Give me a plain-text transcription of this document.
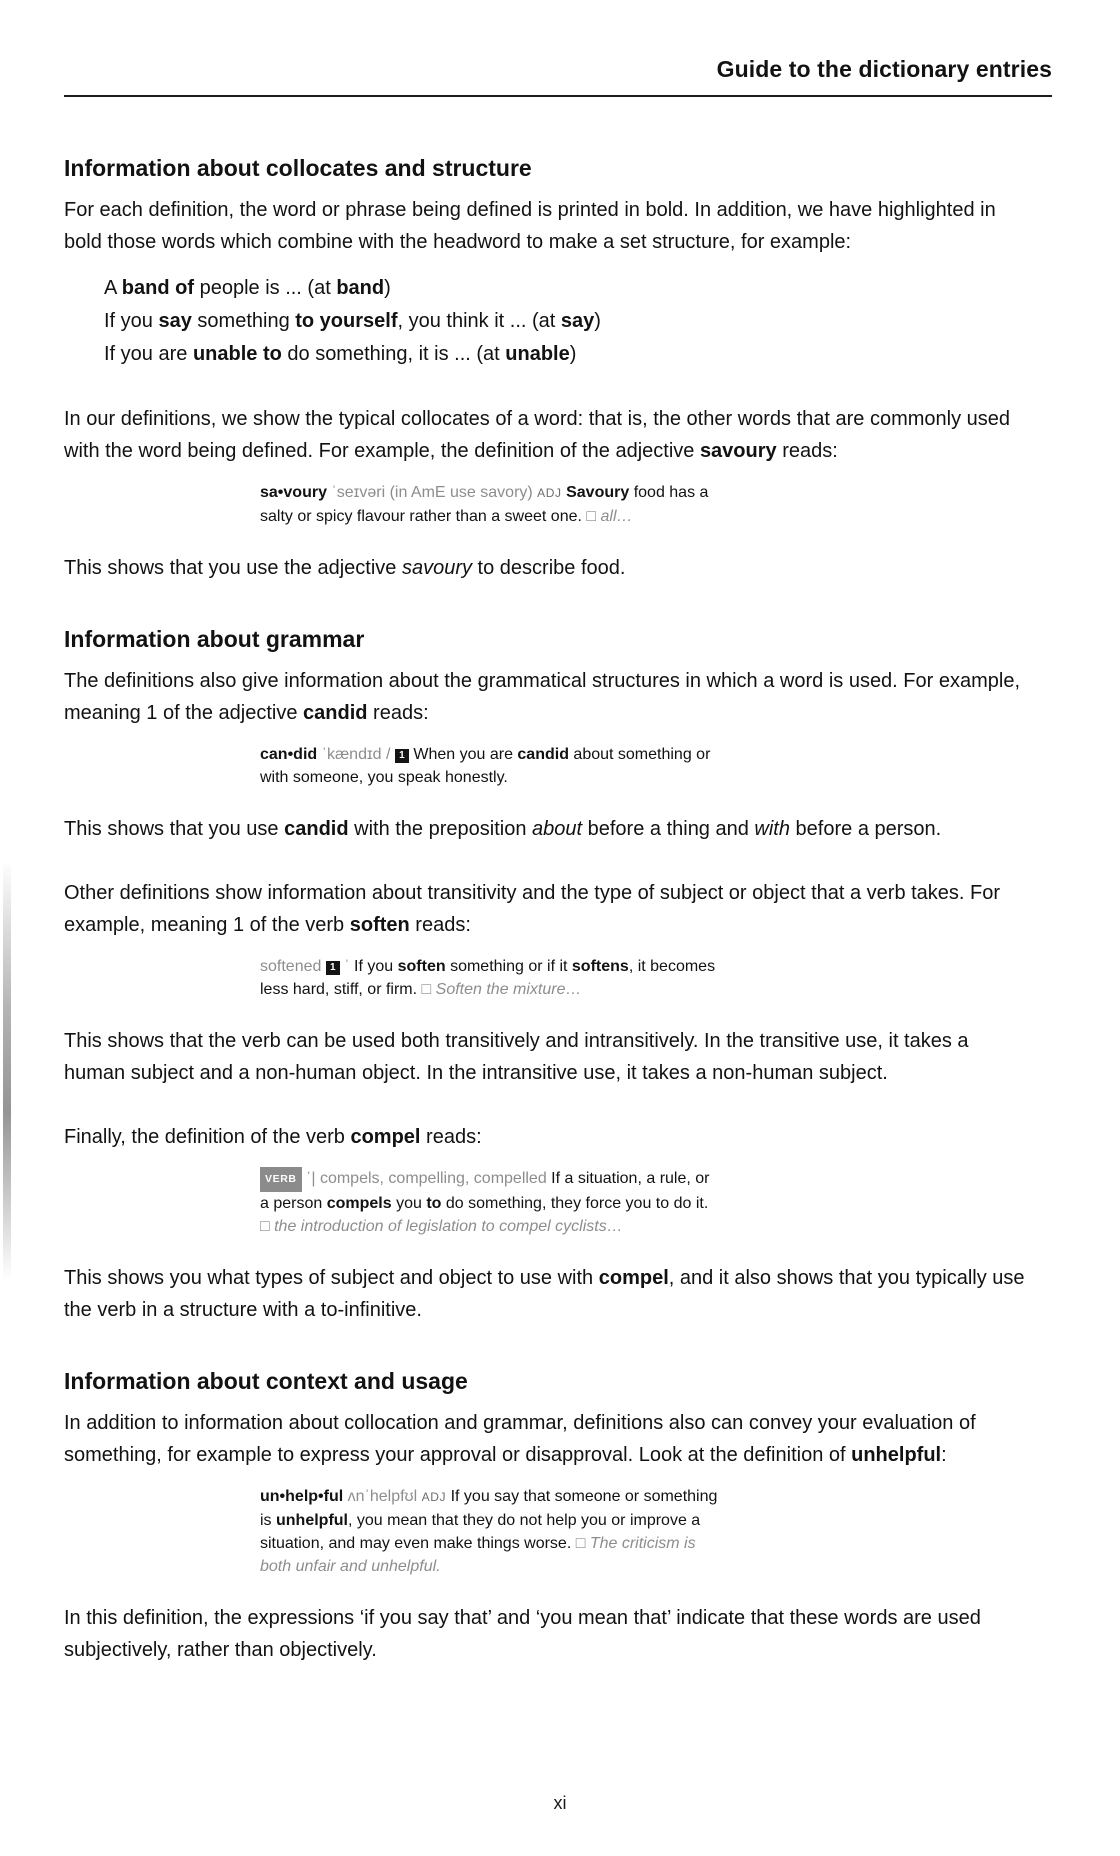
Guide to the dictionary entries
Information about collocates and structure

For each definition, the word or phrase being defined is printed in bold. In addition, we have highlighted in bold those words which combine with the headword to make a set structure, for example:

A band of people is ... (at band)

If you say something to yourself, you think it ... (at say)

If you are unable to do something, it is ... (at unable)

In our definitions, we show the typical collocates of a word: that is, the other words that are commonly used with the word being defined. For example, the definition of the adjective savoury reads:

sa•voury ˈseɪvəri (in AmE use savory) ADJ Savoury food has a salty or spicy flavour rather than a sweet one. □ all…

This shows that you use the adjective savoury to describe food.

Information about grammar

The definitions also give information about the grammatical structures in which a word is used. For example, meaning 1 of the adjective candid reads:

can•did ˈkændɪd / 1 When you are candid about something or with someone, you speak honestly.

This shows that you use candid with the preposition about before a thing and with before a person.

Other definitions show information about transitivity and the type of subject or object that a verb takes. For example, meaning 1 of the verb soften reads:

softened 1 ˈ If you soften something or if it softens, it becomes less hard, stiff, or firm. □ Soften the mixture…

This shows that the verb can be used both transitively and intransitively. In the transitive use, it takes a human subject and a non-human object. In the intransitive use, it takes a non-human subject.

Finally, the definition of the verb compel reads:

VERB ˈ| compels, compelling, compelled If a situation, a rule, or a person compels you to do something, they force you to do it. □ the introduction of legislation to compel cyclists…

This shows you what types of subject and object to use with compel, and it also shows that you typically use the verb in a structure with a to-infinitive.

Information about context and usage

In addition to information about collocation and grammar, definitions also can convey your evaluation of something, for example to express your approval or disapproval. Look at the definition of unhelpful:

un•help•ful ʌnˈhelpfʊl ADJ If you say that someone or something is unhelpful, you mean that they do not help you or improve a situation, and may even make things worse. □ The criticism is both unfair and unhelpful.

In this definition, the expressions ‘if you say that’ and ‘you mean that’ indicate that these words are used subjectively, rather than objectively.

xi
